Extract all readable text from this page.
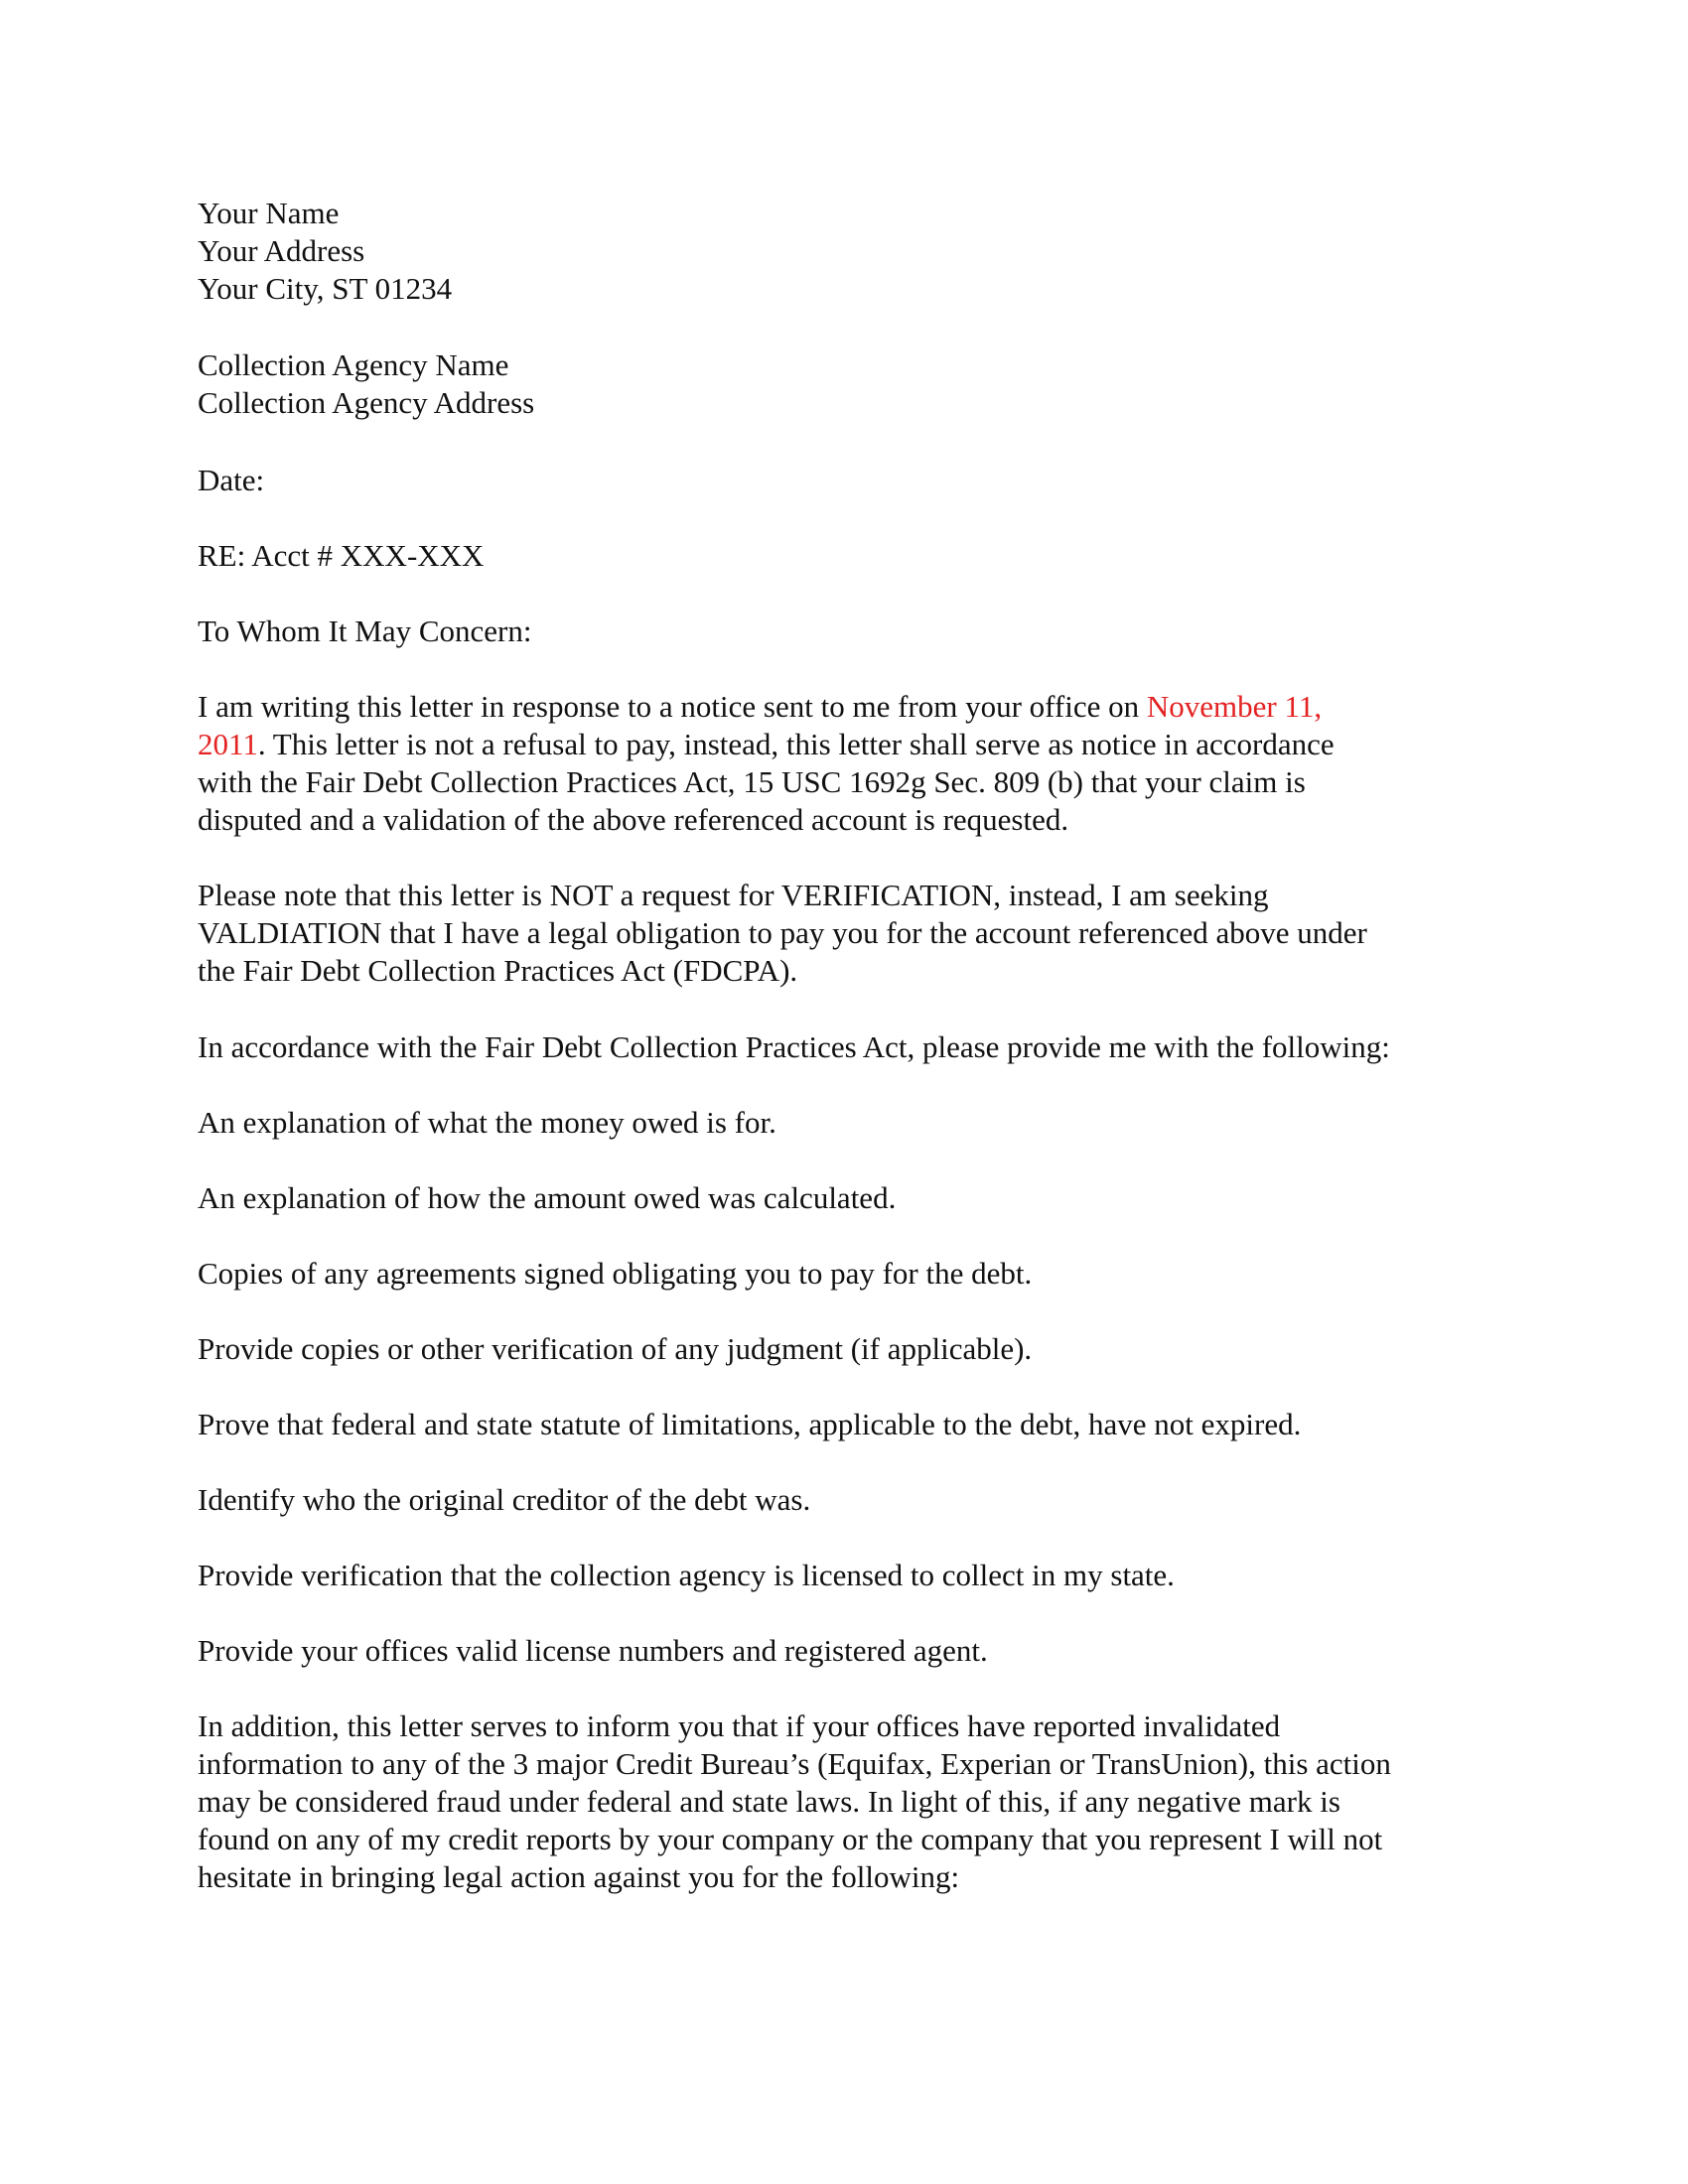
Your Name
Your Address
Your City, ST 01234
Collection Agency Name
Collection Agency Address
Date:
RE: Acct # XXX-XXX
To Whom It May Concern:
I am writing this letter in response to a notice sent to me from your office on November 11,
2011. This letter is not a refusal to pay, instead, this letter shall serve as notice in accordance
with the Fair Debt Collection Practices Act, 15 USC 1692g Sec. 809 (b) that your claim is
disputed and a validation of the above referenced account is requested.
Please note that this letter is NOT a request for VERIFICATION, instead, I am seeking
VALDIATION that I have a legal obligation to pay you for the account referenced above under
the Fair Debt Collection Practices Act (FDCPA).
In accordance with the Fair Debt Collection Practices Act, please provide me with the following:
An explanation of what the money owed is for.
An explanation of how the amount owed was calculated.
Copies of any agreements signed obligating you to pay for the debt.
Provide copies or other verification of any judgment (if applicable).
Prove that federal and state statute of limitations, applicable to the debt, have not expired.
Identify who the original creditor of the debt was.
Provide verification that the collection agency is licensed to collect in my state.
Provide your offices valid license numbers and registered agent.
In addition, this letter serves to inform you that if your offices have reported invalidated
information to any of the 3 major Credit Bureau’s (Equifax, Experian or TransUnion), this action
may be considered fraud under federal and state laws. In light of this, if any negative mark is
found on any of my credit reports by your company or the company that you represent I will not
hesitate in bringing legal action against you for the following:
